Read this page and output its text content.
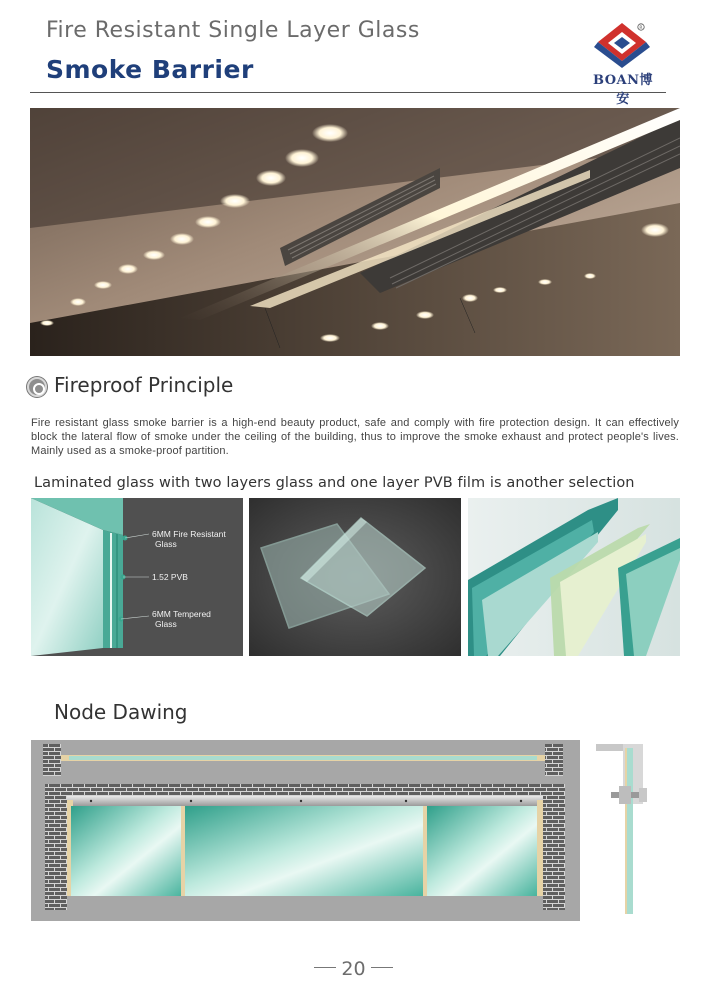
Fire Resistant Single Layer Glass
Smoke Barrier
R
BOAN博安
Fireproof Principle

Fire resistant glass smoke barrier is a high-end beauty product, safe and comply with fire protection design. It can effectively block the lateral flow of smoke under the ceiling of the building, thus to improve the smoke exhaust and protect people's lives. Mainly used as a smoke-proof partition.

Laminated glass with two layers glass and one layer PVB film is another selection
6MM Fire Resistant
Glass
1.52 PVB
6MM Tempered
Glass
Node Dawing
20
